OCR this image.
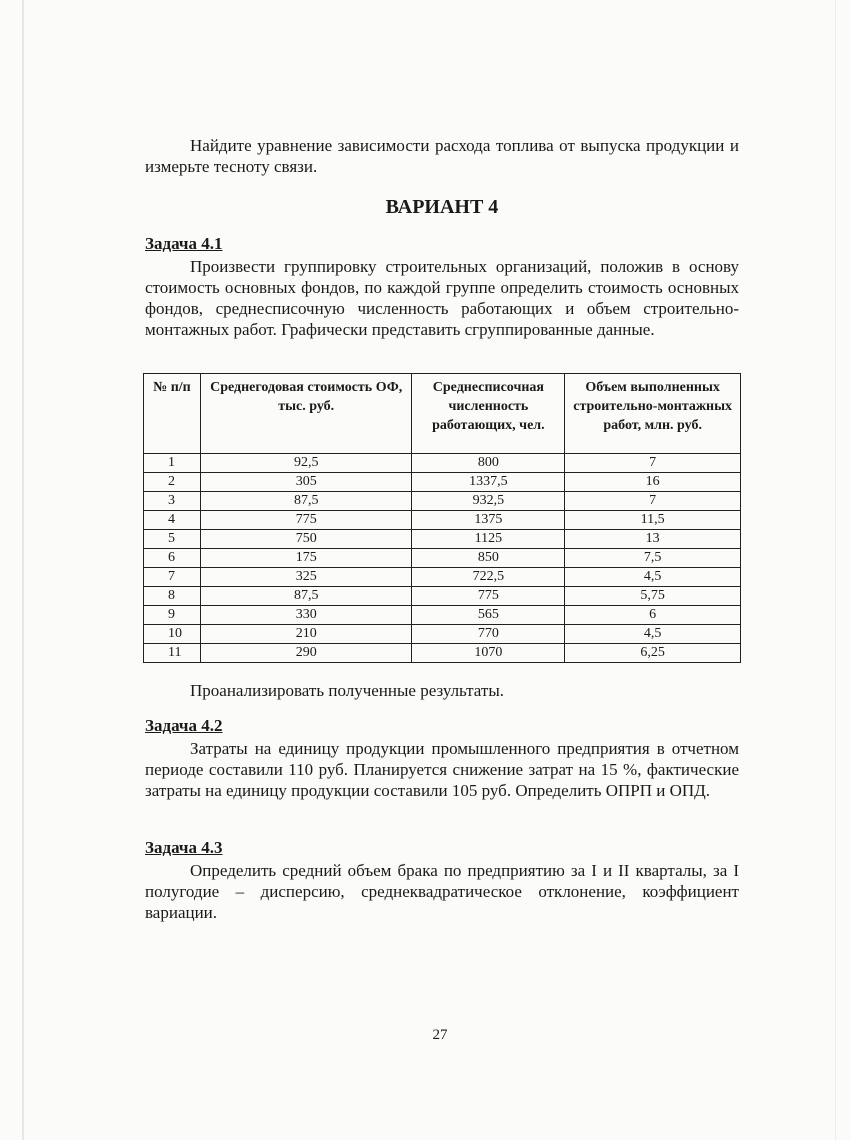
Найдите уравнение зависимости расхода топлива от выпуска продукции и измерьте тесноту связи.

ВАРИАНТ 4

Задача 4.1

Произвести группировку строительных организаций, положив в основу стоимость основных фондов, по каждой группе определить стоимость основных фондов, среднесписочную численность работающих и объем строительно-монтажных работ. Графически представить сгруппированные данные.

№ п/п	Среднегодовая стоимость ОФ, тыс. руб.	Среднесписочная численность работающих, чел.	Объем выполненных строительно-монтажных работ, млн. руб.
1	92,5	800	7
2	305	1337,5	16
3	87,5	932,5	7
4	775	1375	11,5
5	750	1125	13
6	175	850	7,5
7	325	722,5	4,5
8	87,5	775	5,75
9	330	565	6
10	210	770	4,5
11	290	1070	6,25

Проанализировать полученные результаты.

Задача 4.2

Затраты на единицу продукции промышленного предприятия в отчетном периоде составили 110 руб. Планируется снижение затрат на 15 %, фактические затраты на единицу продукции составили 105 руб. Определить ОПРП и ОПД.

Задача 4.3

Определить средний объем брака по предприятию за I и II кварталы, за I полугодие – дисперсию, среднеквадратическое отклонение, коэффициент вариации.

27
